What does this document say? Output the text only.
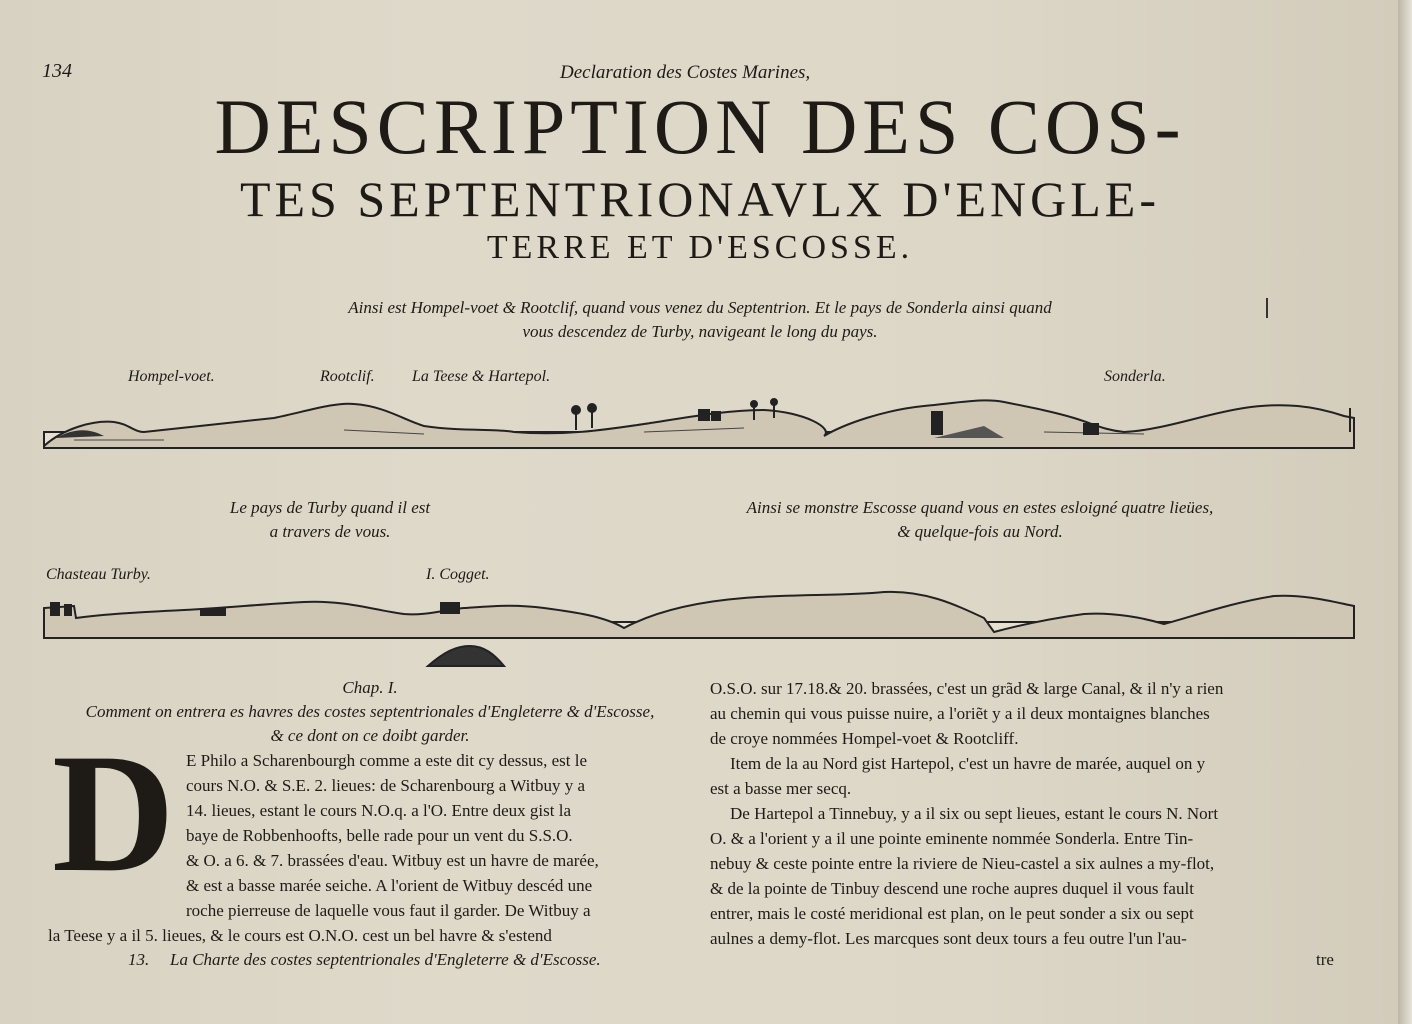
134	Declaration des Costes Marines,
DESCRIPTION DES COS-
TES SEPTENTRIONAVLX D'ENGLE-
TERRE ET D'ESCOSSE.
Ainsi est Hompel-voet & Rootclif, quand vous venez du Septentrion. Et le pays de Sonderla ainsi quand
vous descendez de Turby, navigeant le long du pays.
Hompel-voet.	Rootclif. La Teese & Hartepol.	Sonderla.
Le pays de Turby quand il est
a travers de vous.
Ainsi se monstre Escosse quand vous en estes esloigné quatre lieües,
& quelque-fois au Nord.
Chasteau Turby.	I. Cogget.
Chap. I.
Comment on entrera es havres des costes septentrionales d'Engleterre & d'Escosse,
& ce dont on ce doibt garder.
D E Philo a Scharenbourgh comme a este dit cy dessus, est le

cours N.O. & S.E. 2. lieues: de Scharenbourg a Witbuy y a

14. lieues, estant le cours N.O.q. a l'O. Entre deux gist la

baye de Robbenhoofts, belle rade pour un vent du S.S.O.

& O. a 6. & 7. brassées d'eau. Witbuy est un havre de marée,

& est a basse marée seiche. A l'orient de Witbuy descéd une

roche pierreuse de laquelle vous faut il garder. De Witbuy a

la Teese y a il 5. lieues, & le cours est O.N.O. cest un bel havre & s'estend

13. La Charte des costes septentrionales d'Engleterre & d'Escosse.

O.S.O. sur 17.18.& 20. brassées, c'est un grãd & large Canal, & il n'y a rien

au chemin qui vous puisse nuire, a l'oriẽt y a il deux montaignes blanches

de croye nommées Hompel-voet & Rootcliff.

Item de la au Nord gist Hartepol, c'est un havre de marée, auquel on y

est a basse mer secq.

De Hartepol a Tinnebuy, y a il six ou sept lieues, estant le cours N. Nort

O. & a l'orient y a il une pointe eminente nommée Sonderla. Entre Tin-

nebuy & ceste pointe entre la riviere de Nieu-castel a six aulnes a my-flot,

& de la pointe de Tinbuy descend une roche aupres duquel il vous fault

entrer, mais le costé meridional est plan, on le peut sonder a six ou sept

aulnes a demy-flot. Les marcques sont deux tours a feu outre l'un l'au-

tre
